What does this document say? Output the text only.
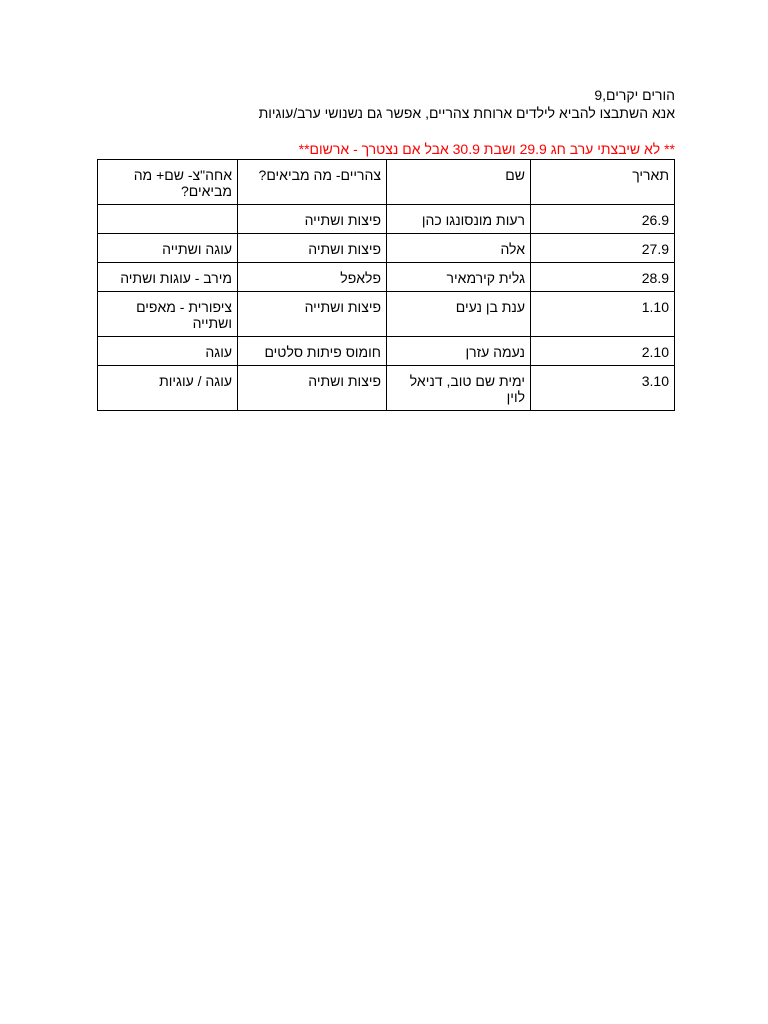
הורים יקרים,9
אנא השתבצו להביא לילדים ארוחת צהריים, אפשר גם נשנושי ערב/עוגיות
** לא שיבצתי ערב חג 29.9 ושבת 30.9 אבל אם נצטרך - ארשום**
תאריך	שם	צהריים- מה מביאים?	אחה"צ- שם+ מה מביאים?
26.9	רעות מונסונגו כהן	פיצות ושתייה	
27.9	אלה	פיצות ושתיה	עוגה ושתייה
28.9	גלית קירמאיר	פלאפל	מירב - עוגות ושתיה
1.10	ענת בן נעים	פיצות ושתייה	ציפורית - מאפים ושתייה
2.10	נעמה עזרן	חומוס פיתות סלטים	עוגה
3.10	ימית שם טוב, דניאל לוין	פיצות ושתיה	עוגה / עוגיות
